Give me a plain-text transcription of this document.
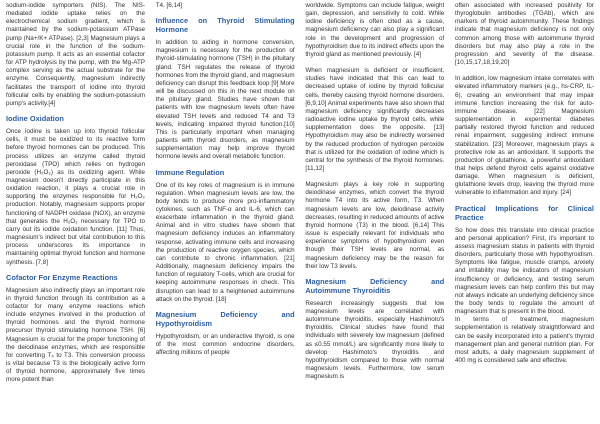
sodium-iodide symporters (NIS). The NIS-mediated iodide uptake relies on the electrochemical sodium gradient, which is maintained by the sodium-potassium ATPase pump (Na+/K+ ATPase). [2,3] Magnesium plays a crucial role in the function of the sodium-potassium pump. It acts as an essential cofactor for ATP hydrolysis by the pump, with the Mg-ATP complex serving as the actual substrate for the enzyme. Consequently, magnesium indirectly facilitates the transport of iodine into thyroid follicular cells by enabling the sodium-potassium pump's activity.[4]

Iodine Oxidation

Once iodine is taken up into thyroid follicular cells, it must be oxidized to its reactive form before thyroid hormones can be produced. This process utilizes an enzyme called thyroid peroxidase (TPO) which relies on hydrogen peroxide (H₂O₂) as its oxidizing agent. While magnesium doesn't directly participate in this oxidation reaction, it plays a crucial role in supporting the enzymes responsible for H₂O₂ production. Notably, magnesium supports proper functioning of NADPH oxidase (NOX), an enzyme that generates the H₂O₂ necessary for TPO to carry out its iodide oxidation function. [11] Thus, magnesium's indirect but vital contribution to this process underscores its importance in maintaining optimal thyroid function and hormone synthesis. [7,8]

Cofactor For Enzyme Reactions

Magnesium also indirectly plays an important role in thyroid function through its contribution as a cofactor for many enzyme reactions which include enzymes involved in the production of thyroid hormones and the thyroid hormone precursor thyroid stimulating hormone TSH. [6] Magnesium is crucial for the proper functioning of the deiodinase enzymes, which are responsible for converting T₄ to T3. This conversion process is vital because T3 is the biologically active form of thyroid hormone, approximately five times more potent than

T4. [6,14]

Influence on Thyroid Stimulating Hormone

In addition to aiding in hormone conversion, magnesium is necessary for the production of thyroid-stimulating hormone (TSH) in the pituitary gland. TSH regulates the release of thyroid hormones from the thyroid gland, and magnesium deficiency can disrupt this feedback loop [9] More will be discussed on this in the next module on the pituitary gland. Studies have shown that patients with low magnesium levels often have elevated TSH levels and reduced T4 and T3 levels, indicating impaired thyroid function.[10] This is particularly important when managing patients with thyroid disorders, as magnesium supplementation may help improve thyroid hormone levels and overall metabolic function.

Immune Regulation

One of its key roles of magnesium is in immune regulation. When magnesium levels are low, the body tends to produce more pro-inflammatory cytokines, such as TNF-α and IL-6, which can exacerbate inflammation in the thyroid gland. Animal and in vitro studies have shown that magnesium deficiency induces an inflammatory response, activating immune cells and increasing the production of reactive oxygen species, which can contribute to chronic inflammation. [21] Additionally, magnesium deficiency impairs the function of regulatory T-cells, which are crucial for keeping autoimmune responses in check. This disruption can lead to a heightened autoimmune attack on the thyroid. [18]

Magnesium Deficiency and Hypothyroidism

Hypothyroidism, or an underactive thyroid, is one of the most common endocrine disorders, affecting millions of people

worldwide. Symptoms can include fatigue, weight gain, depression, and sensitivity to cold. While iodine deficiency is often cited as a cause, magnesium deficiency can also play a significant role in the development and progression of hypothyroidism due to its indirect effects upon the thyroid gland as mentioned previously. [4]

When magnesium is deficient or insufficient, studies have indicated that this can lead to decreased uptake of iodine by thyroid follicular cells, thereby causing thyroid hormone disorders. [6,9,10] Animal experiments have also shown that magnesium deficiency significantly decreases radioactive iodine uptake by thyroid cells, while supplementation does the opposite. [13] Hypothyroidism may also be indirectly worsened by the reduced production of hydrogen peroxide that is utilized for the oxidation of iodine which is central for the synthesis of the thyroid hormones. [11,12]

Magnesium plays a key role in supporting deiodinase enzymes, which convert the thyroid hormone T4 into its active form, T3. When magnesium levels are low, deiodinase activity decreases, resulting in reduced amounts of active thyroid hormone (T3) in the blood. [6,14] This issue is especially relevant for individuals who experience symptoms of hypothyroidism even though their TSH levels are normal, as magnesium deficiency may be the reason for their low T3 levels.

Magnesium Deficiency and Autoimmune Thyroiditis

Research increasingly suggests that low magnesium levels are correlated with autoimmune thyroiditis, especially Hashimoto's thyroiditis. Clinical studies have found that individuals with severely low magnesium (defined as ≤0.55 mmol/L) are significantly more likely to develop Hashimoto's thyroiditis and hypothyroidism compared to those with normal magnesium levels. Furthermore, low serum magnesium is

often associated with increased positivity for thyroglobulin antibodies (TGAb), which are markers of thyroid autoimmunity. These findings indicate that magnesium deficiency is not only common among those with autoimmune thyroid disorders but may also play a role in the progression and severity of the disease. [10,15,17,18,19,20]

In addition, low magnesium intake correlates with elevated inflammatory markers (e.g., hs-CRP, IL-6), creating an environment that may impair immune function increasing the risk for auto-immune disease. [22] Magnesium supplementation in experimental diabetes partially restored thyroid function and reduced renal impairment, suggesting indirect immune stabilization. [23] Moreover, magnesium plays a protective role as an antioxidant. It supports the production of glutathione, a powerful antioxidant that helps defend thyroid cells against oxidative damage. When magnesium is deficient, glutathione levels drop, leaving the thyroid more vulnerable to inflammation and injury. [24]

Practical Implications for Clinical Practice

So how does this translate into clinical practice and personal application? First, it's important to assess magnesium status in patients with thyroid disorders, particularly those with hypothyroidism. Symptoms like fatigue, muscle cramps, anxiety and irritability may be indicators of magnesium insufficiency or deficiency, and testing serum magnesium levels can help confirm this but may not always indicate an underlying deficiency since the body tends to regulate the amount of magnesium that is present in the blood.

In terms of treatment, magnesium supplementation is relatively straightforward and can be easily incorporated into a patient's thyroid management plan and general nutrition plan. For most adults, a daily magnesium supplement of 400 mg is considered safe and effective.
